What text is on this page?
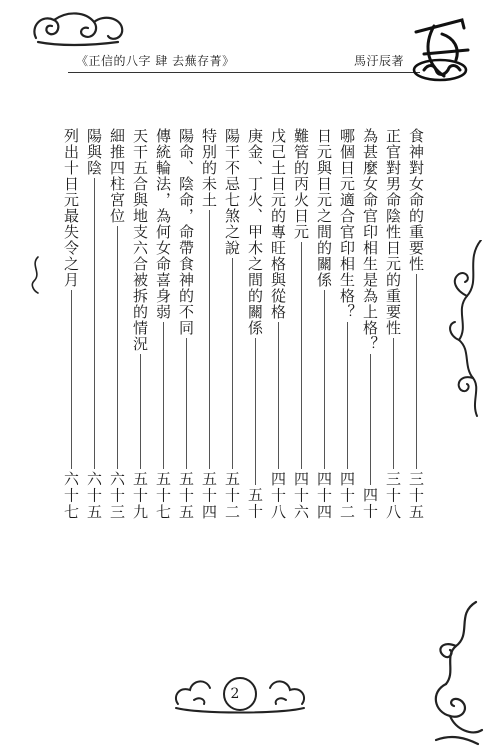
《正信的八字 肆 去蕪存菁》	馬汙辰著
2
食神對女命的重要性
三十五
正官對男命陰性日元的重要性
三十八
為甚麼女命官印相生是為上格？
四十
哪個日元適合官印相生格？
四十二
日元與日元之間的關係
四十四
難管的丙火日元
四十六
戊己土日元的專旺格與從格
四十八
庚金、丁火、甲木之間的關係
五十
陽干不忌七煞之說
五十二
特別的未土
五十四
陽命、陰命，命帶食神的不同
五十五
傳統輪法，為何女命喜身弱
五十七
天干五合與地支六合被拆的情況
五十九
細推四柱宮位
六十三
陽與陰
六十五
列出十日元最失令之月
六十七
